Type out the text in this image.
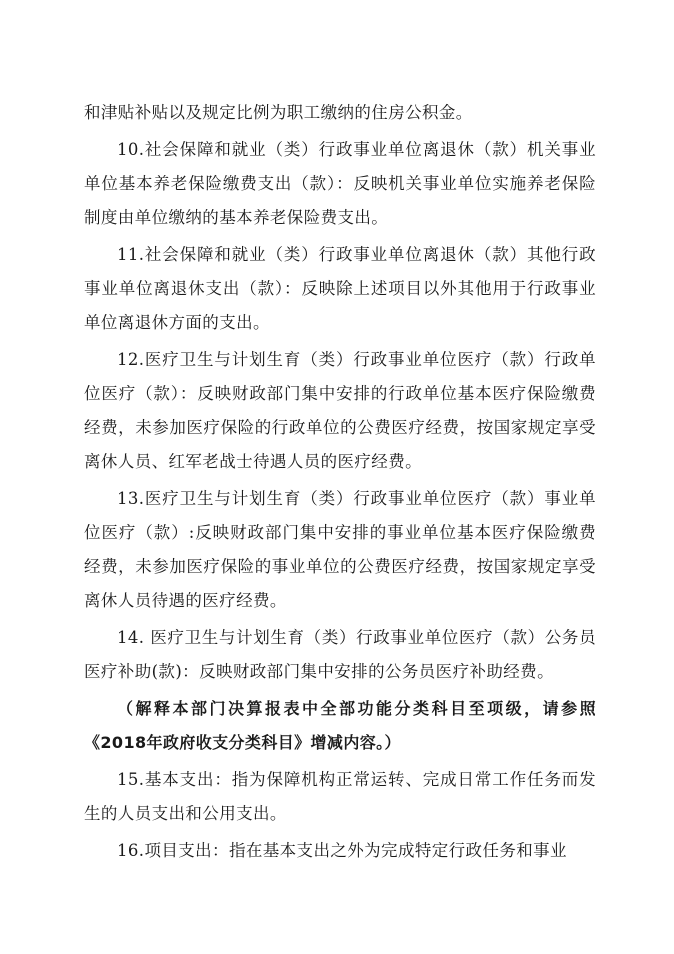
和津贴补贴以及规定比例为职工缴纳的住房公积金。

10.社会保障和就业（类）行政事业单位离退休（款）机关事业单位基本养老保险缴费支出（款）：反映机关事业单位实施养老保险制度由单位缴纳的基本养老保险费支出。

11.社会保障和就业（类）行政事业单位离退休（款）其他行政事业单位离退休支出（款）：反映除上述项目以外其他用于行政事业单位离退休方面的支出。

12.医疗卫生与计划生育（类）行政事业单位医疗（款）行政单位医疗（款）：反映财政部门集中安排的行政单位基本医疗保险缴费经费，未参加医疗保险的行政单位的公费医疗经费，按国家规定享受离休人员、红军老战士待遇人员的医疗经费。

13.医疗卫生与计划生育（类）行政事业单位医疗（款）事业单位医疗（款）:反映财政部门集中安排的事业单位基本医疗保险缴费经费，未参加医疗保险的事业单位的公费医疗经费，按国家规定享受离休人员待遇的医疗经费。

14. 医疗卫生与计划生育（类）行政事业单位医疗（款）公务员医疗补助(款)：反映财政部门集中安排的公务员医疗补助经费。

（解释本部门决算报表中全部功能分类科目至项级，请参照《2018年政府收支分类科目》增减内容。）

15.基本支出：指为保障机构正常运转、完成日常工作任务而发生的人员支出和公用支出。

16.项目支出：指在基本支出之外为完成特定行政任务和事业
